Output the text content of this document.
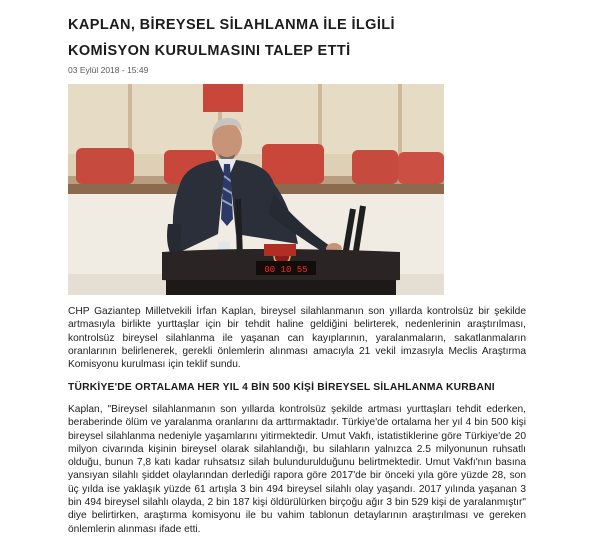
KAPLAN, BİREYSEL SİLAHLANMA İLE İLGİLİ KOMİSYON KURULMASINI TALEP ETTİ
03 Eylül 2018 - 15:49
00 10 55

CHP Gaziantep Milletvekili İrfan Kaplan, bireysel silahlanmanın son yıllarda kontrolsüz bir şekilde artmasıyla birlikte yurttaşlar için bir tehdit haline geldiğini belirterek, nedenlerinin araştırılması, kontrolsüz bireysel silahlanma ile yaşanan can kayıplarının, yaralanmaların, sakatlanmaların oranlarının belirlenerek, gerekli önlemlerin alınması amacıyla 21 vekil imzasıyla Meclis Araştırma Komisyonu kurulması için teklif sundu.

TÜRKİYE'DE ORTALAMA HER YIL 4 BİN 500 KİŞİ BİREYSEL SİLAHLANMA KURBANI

Kaplan, "Bireysel silahlanmanın son yıllarda kontrolsüz şekilde artması yurttaşları tehdit ederken, beraberinde ölüm ve yaralanma oranlarını da arttırmaktadır. Türkiye'de ortalama her yıl 4 bin 500 kişi bireysel silahlanma nedeniyle yaşamlarını yitirmektedir. Umut Vakfı, istatistiklerine göre Türkiye'de 20 milyon civarında kişinin bireysel olarak silahlandığı, bu silahların yalnızca 2.5 milyonunun ruhsatlı olduğu, bunun 7,8 katı kadar ruhsatsız silah bulundurulduğunu belirtmektedir. Umut Vakfı'nın basına yansıyan silahlı şiddet olaylarından derlediği rapora göre 2017'de bir önceki yıla göre yüzde 28, son üç yılda ise yaklaşık yüzde 61 artışla 3 bin 494 bireysel silahlı olay yaşandı. 2017 yılında yaşanan 3 bin 494 bireysel silahlı olayda, 2 bin 187 kişi öldürülürken birçoğu ağır 3 bin 529 kişi de yaralanmıştır" diye belirtirken, araştırma komisyonu ile bu vahim tablonun detaylarının araştırılması ve gereken önlemlerin alınması ifade etti.
